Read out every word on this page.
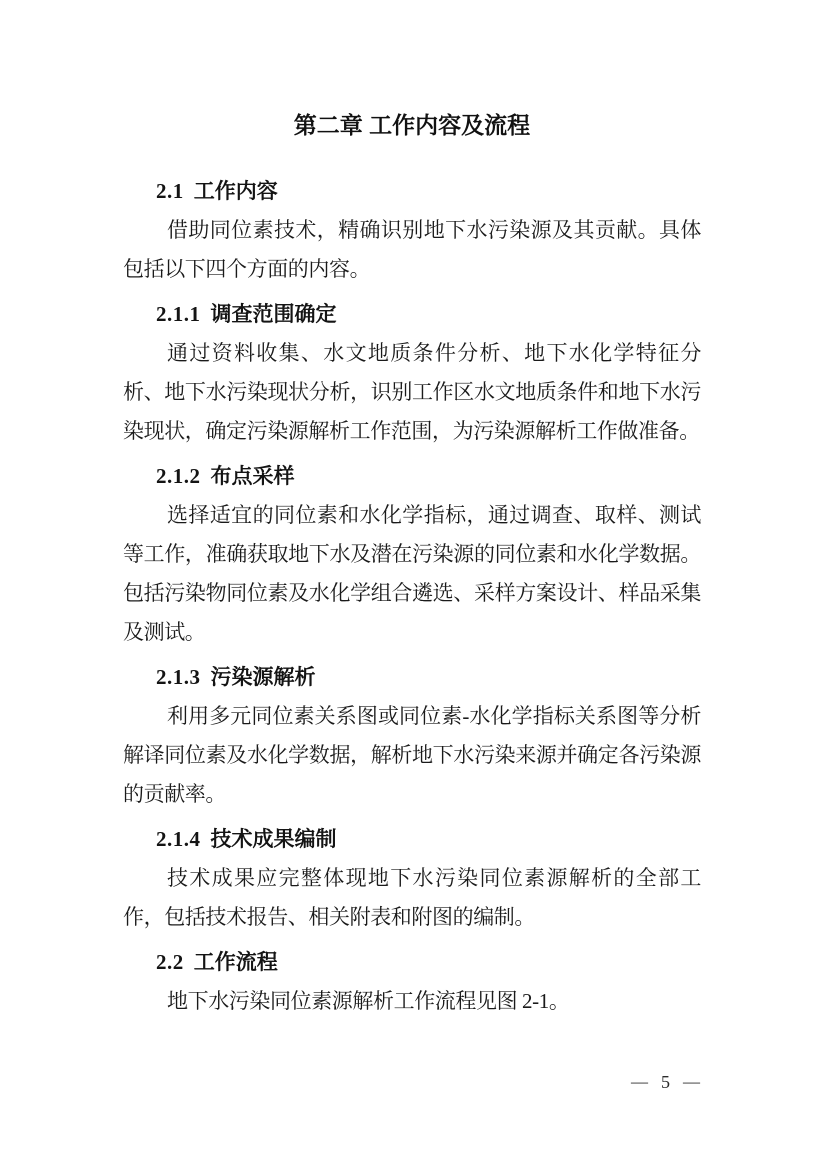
第二章 工作内容及流程
2.1 工作内容

借助同位素技术，精确识别地下水污染源及其贡献。具体包括以下四个方面的内容。

2.1.1 调查范围确定

通过资料收集、水文地质条件分析、地下水化学特征分析、地下水污染现状分析，识别工作区水文地质条件和地下水污染现状，确定污染源解析工作范围，为污染源解析工作做准备。

2.1.2 布点采样

选择适宜的同位素和水化学指标，通过调查、取样、测试等工作，准确获取地下水及潜在污染源的同位素和水化学数据。包括污染物同位素及水化学组合遴选、采样方案设计、样品采集及测试。

2.1.3 污染源解析

利用多元同位素关系图或同位素-水化学指标关系图等分析解译同位素及水化学数据，解析地下水污染来源并确定各污染源的贡献率。

2.1.4 技术成果编制

技术成果应完整体现地下水污染同位素源解析的全部工作，包括技术报告、相关附表和附图的编制。

2.2 工作流程

地下水污染同位素源解析工作流程见图 2-1。

— 5 —
